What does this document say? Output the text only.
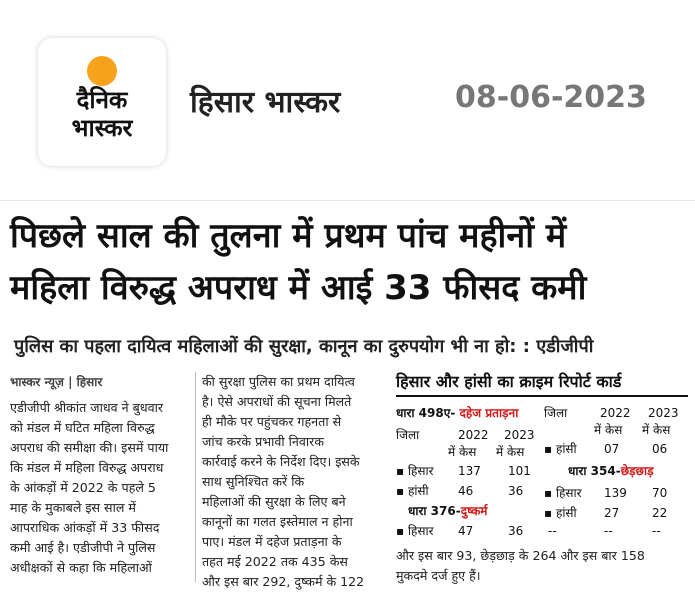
दैनिक
भास्कर
हिसार भास्कर	08-06-2023
पिछले साल की तुलना में प्रथम पांच महीनों में
महिला विरुद्ध अपराध में आई 33 फीसद कमी
पुलिस का पहला दायित्व महिलाओं की सुरक्षा, कानून का दुरुपयोग भी ना हो: : एडीजीपी

भास्कर न्यूज़ | हिसार

एडीजीपी श्रीकांत जाधव ने बुधवार

को मंडल में घटित महिला विरुद्ध

अपराध की समीक्षा की। इसमें पाया

कि मंडल में महिला विरुद्ध अपराध

के आंकड़ों में 2022 के पहले 5

माह के मुकाबले इस साल में

आपराधिक आंकड़ों में 33 फीसद

कमी आई है। एडीजीपी ने पुलिस

अधीक्षकों से कहा कि महिलाओं

की सुरक्षा पुलिस का प्रथम दायित्व

है। ऐसे अपराधों की सूचना मिलते

ही मौके पर पहुंचकर गहनता से

जांच करके प्रभावी निवारक

कार्रवाई करने के निर्देश दिए। इसके

साथ सुनिश्चित करें कि

महिलाओं की सुरक्षा के लिए बने

कानूनों का गलत इस्तेमाल न होना

पाए। मंडल में दहेज प्रताड़ना के

तहत मई 2022 तक 435 केस

और इस बार 292, दुष्कर्म के 122

हिसार और हांसी का क्राइम रिपोर्ट कार्ड
धारा 498ए- दहेज प्रताड़ना
जिला	2022 2023
में केस में केस
▪ हिसार 137 101
▪ हांसी 46	36
धारा 376-दुष्कर्म
▪ हिसार 47	36
जिला	2022 2023
में केस में केस
▪ हांसी 07	06
धारा 354-छेड़छाड़
▪ हिसार 139 70
▪ हांसी 27	22
--	--	--

और इस बार 93, छेड़छाड़ के 264 और इस बार 158

मुकदमे दर्ज हुए हैं।
